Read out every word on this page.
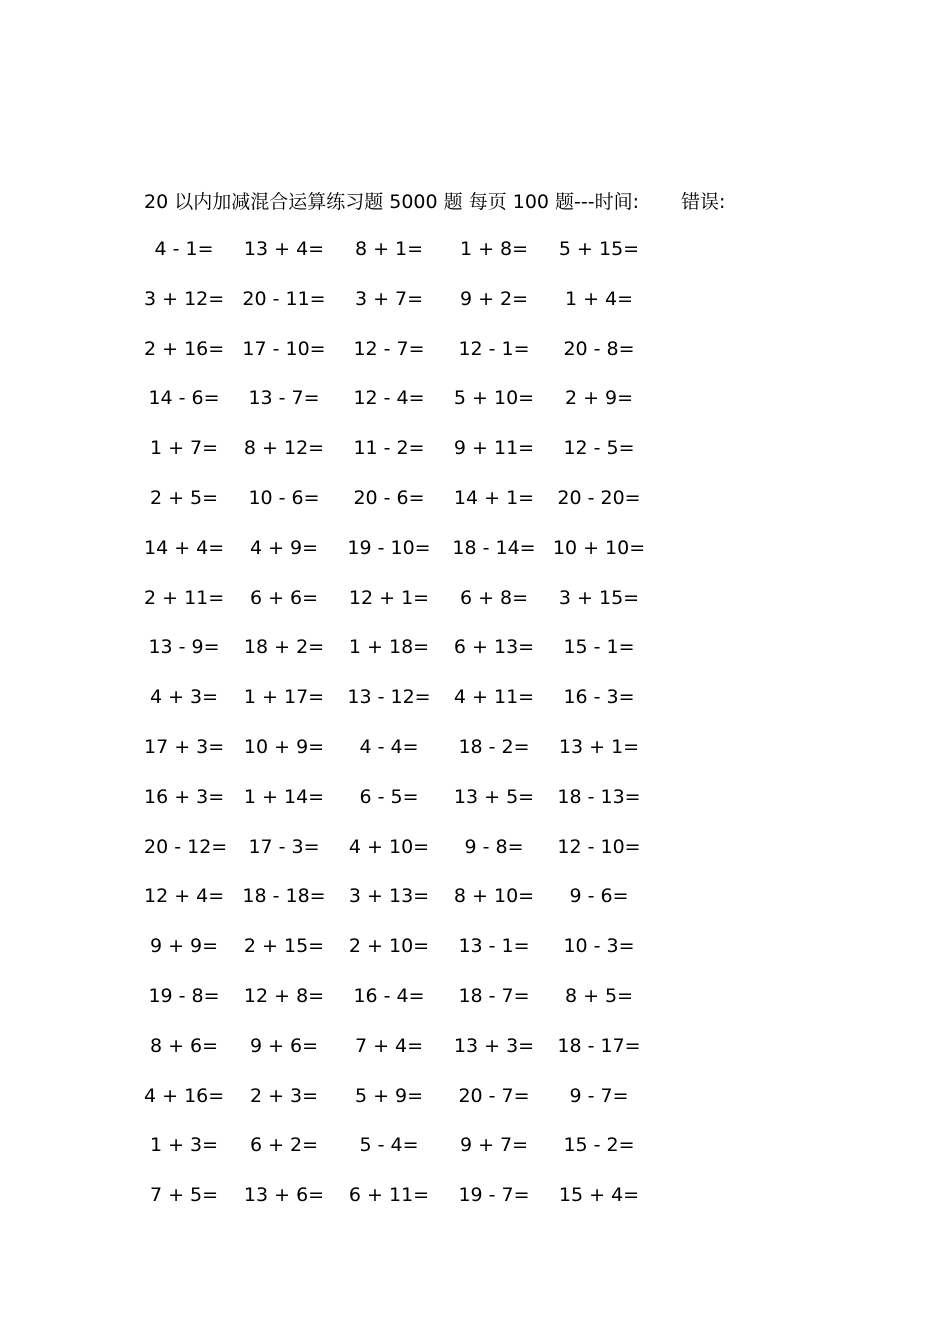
20 以内加减混合运算练习题 5000 题 每页 100 题---时间: 错误:
4 - 1= 13 + 4= 8 + 1= 1 + 8= 5 + 15=
3 + 12= 20 - 11= 3 + 7= 9 + 2= 1 + 4=
2 + 16= 17 - 10= 12 - 7= 12 - 1= 20 - 8=
14 - 6= 13 - 7= 12 - 4= 5 + 10= 2 + 9=
1 + 7= 8 + 12= 11 - 2= 9 + 11= 12 - 5=
2 + 5= 10 - 6= 20 - 6= 14 + 1= 20 - 20=
14 + 4= 4 + 9= 19 - 10= 18 - 14= 10 + 10=
2 + 11= 6 + 6= 12 + 1= 6 + 8= 3 + 15=
13 - 9= 18 + 2= 1 + 18= 6 + 13= 15 - 1=
4 + 3= 1 + 17= 13 - 12= 4 + 11= 16 - 3=
17 + 3= 10 + 9= 4 - 4= 18 - 2= 13 + 1=
16 + 3= 1 + 14= 6 - 5= 13 + 5= 18 - 13=
20 - 12= 17 - 3= 4 + 10= 9 - 8= 12 - 10=
12 + 4= 18 - 18= 3 + 13= 8 + 10= 9 - 6=
9 + 9= 2 + 15= 2 + 10= 13 - 1= 10 - 3=
19 - 8= 12 + 8= 16 - 4= 18 - 7= 8 + 5=
8 + 6= 9 + 6= 7 + 4= 13 + 3= 18 - 17=
4 + 16= 2 + 3= 5 + 9= 20 - 7= 9 - 7=
1 + 3= 6 + 2= 5 - 4= 9 + 7= 15 - 2=
7 + 5= 13 + 6= 6 + 11= 19 - 7= 15 + 4=
